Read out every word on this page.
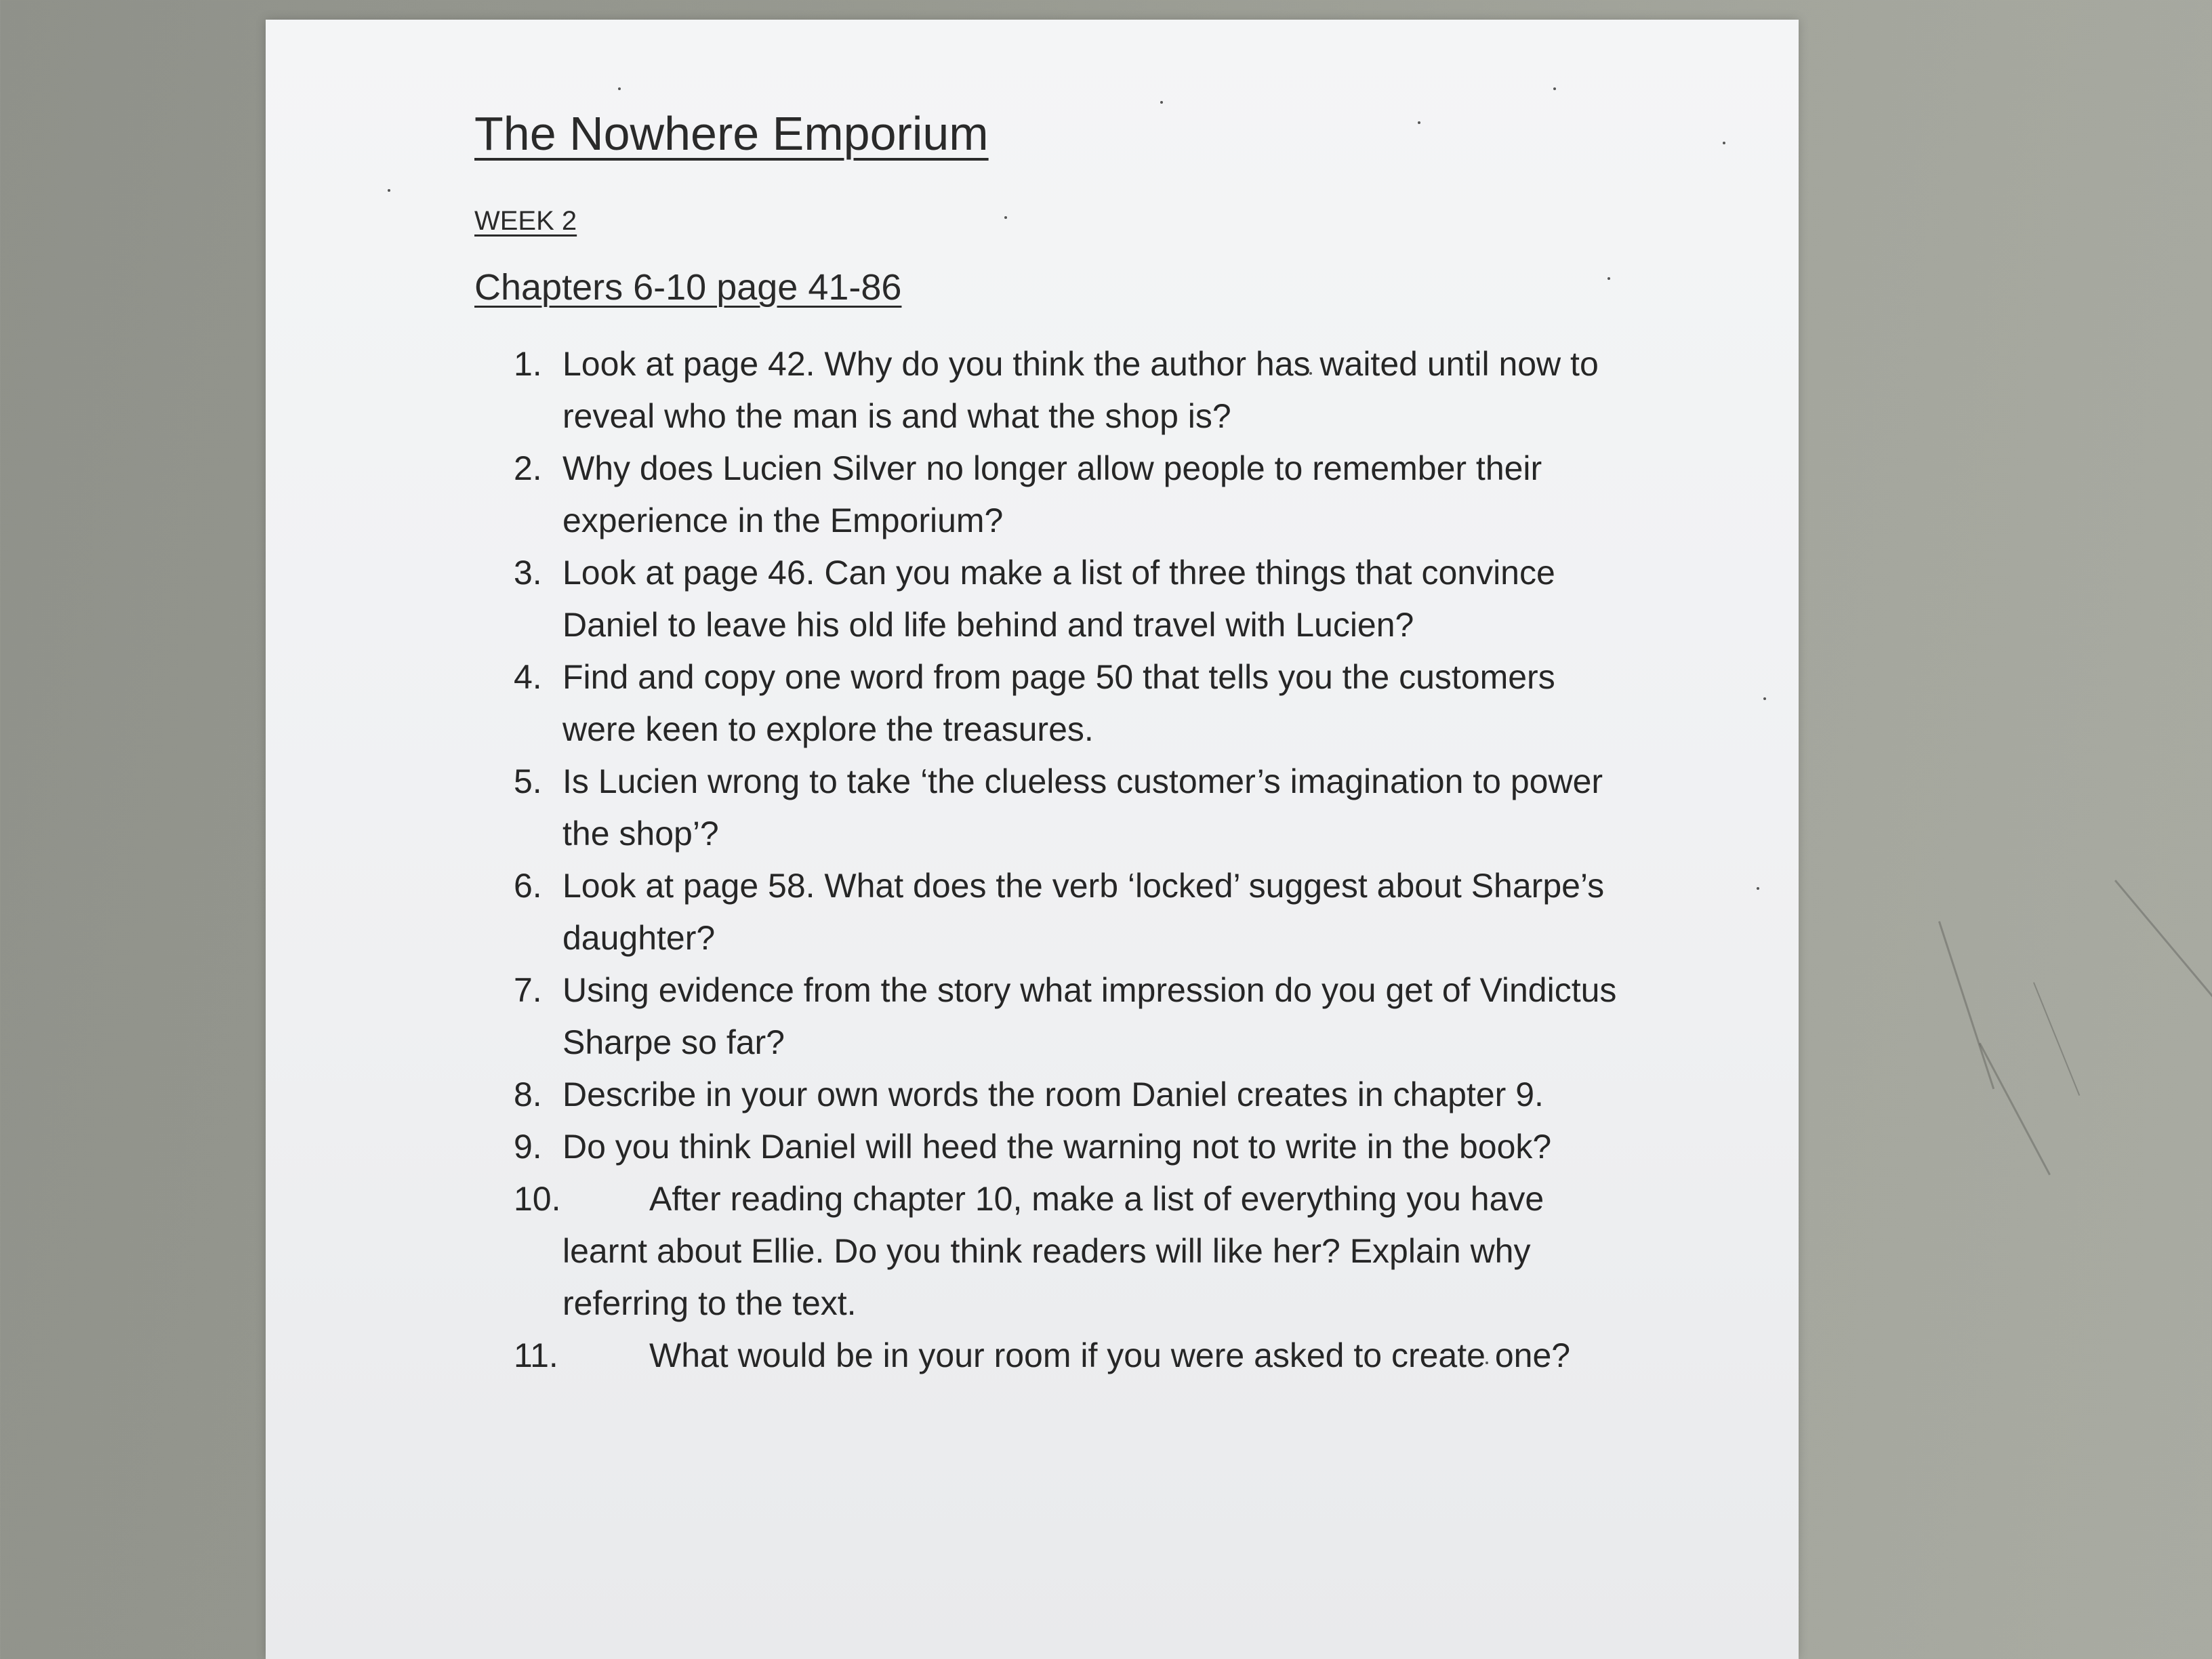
The Nowhere Emporium
WEEK 2
Chapters 6-10 page 41-86
1. Look at page 42. Why do you think the author has waited until now to reveal who the man is and what the shop is?
2. Why does Lucien Silver no longer allow people to remember their experience in the Emporium?
3. Look at page 46. Can you make a list of three things that convince Daniel to leave his old life behind and travel with Lucien?
4. Find and copy one word from page 50 that tells you the customers were keen to explore the treasures.
5. Is Lucien wrong to take ‘the clueless customer’s imagination to power the shop’?
6. Look at page 58. What does the verb ‘locked’ suggest about Sharpe’s daughter?
7. Using evidence from the story what impression do you get of Vindictus Sharpe so far?
8. Describe in your own words the room Daniel creates in chapter 9.
9. Do you think Daniel will heed the warning not to write in the book?
10.	After reading chapter 10, make a list of everything you have learnt about Ellie. Do you think readers will like her? Explain why referring to the text.
11.	What would be in your room if you were asked to create one?
